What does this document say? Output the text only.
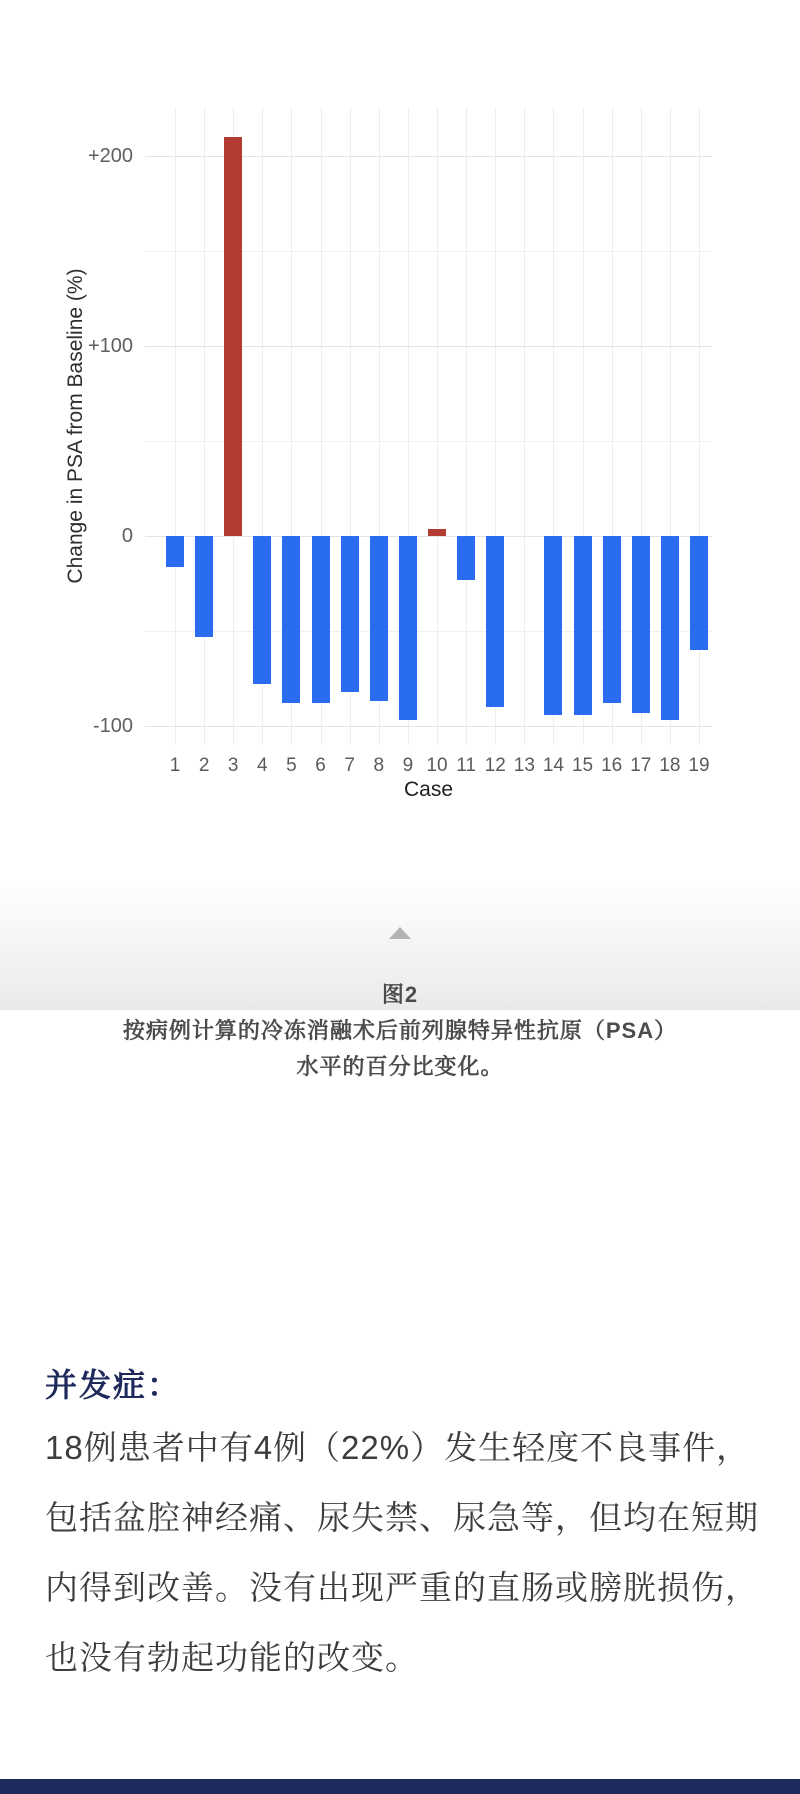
Change in PSA from Baseline (%)
+200
+100
0
-100
1 2 3 4 5 6 7 8 9 10 11 12 13 14 15 16 17 18 19
Case
图2
按病例计算的冷冻消融术后前列腺特异性抗原（PSA）
水平的百分比变化。
并发症：
18例患者中有4例（22%）发生轻度不良事件，
包括盆腔神经痛、尿失禁、尿急等，但均在短期
内得到改善。没有出现严重的直肠或膀胱损伤，
也没有勃起功能的改变。
